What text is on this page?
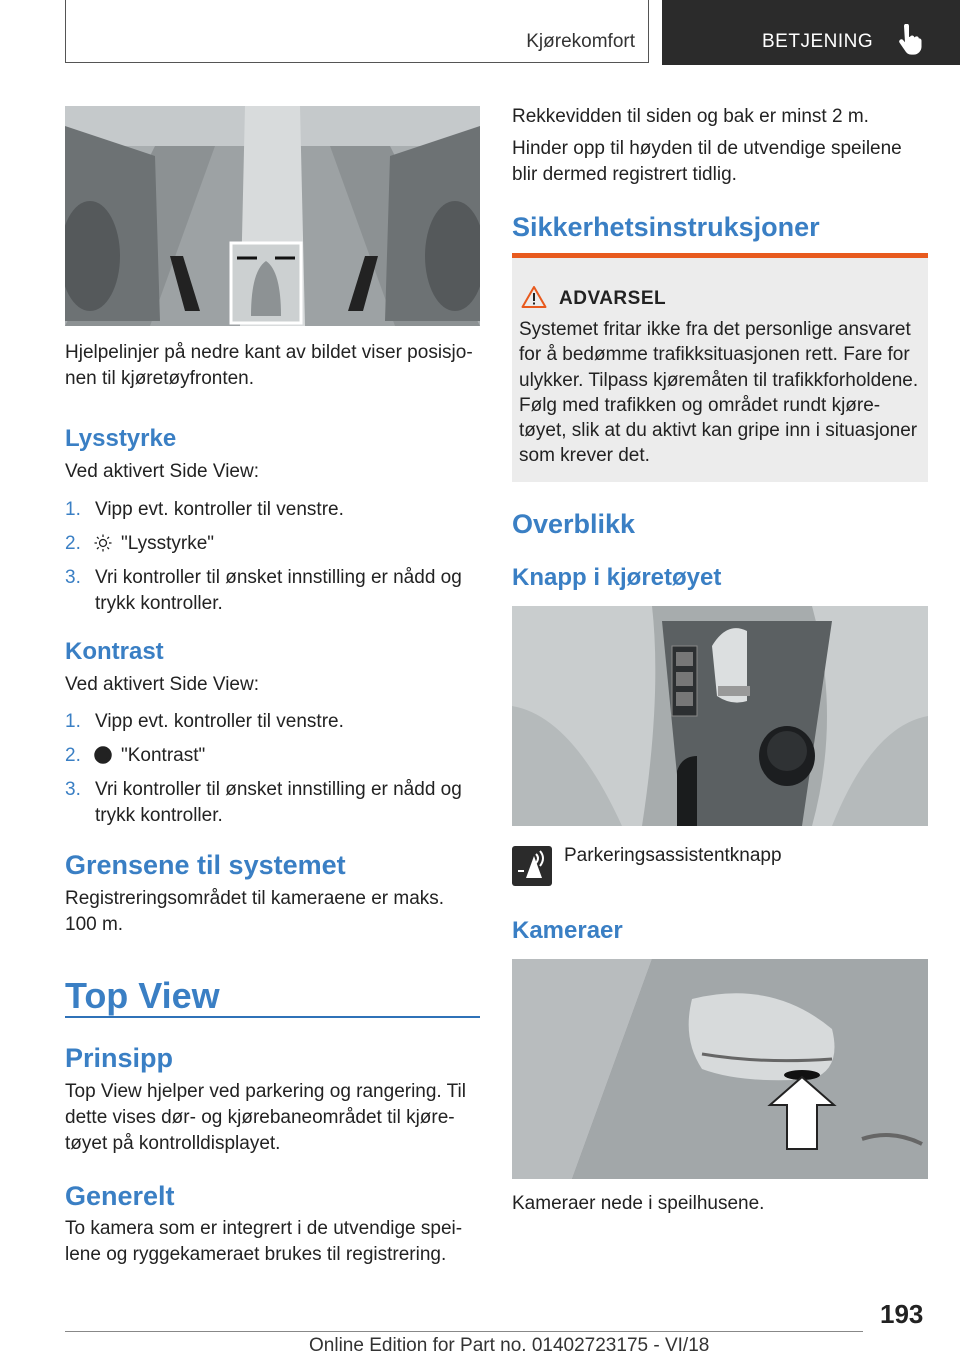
Kjørekomfort	BETJENING
Hjelpelinjer på nedre kant av bildet viser posisjo‐ nen til kjøretøyfronten.
Lysstyrke
Ved aktivert Side View:
1. Vipp evt. kontroller til venstre.
2. "Lysstyrke"
3. Vri kontroller til ønsket innstilling er nådd og trykk kontroller.
Kontrast
Ved aktivert Side View:
1. Vipp evt. kontroller til venstre.
2. "Kontrast"
3. Vri kontroller til ønsket innstilling er nådd og trykk kontroller.
Grensene til systemet
Registreringsområdet til kameraene er maks. 100 m.
Top View
Prinsipp
Top View hjelper ved parkering og rangering. Til dette vises dør- og kjørebaneområdet til kjøre‐ tøyet på kontrolldisplayet.
Generelt
To kamera som er integrert i de utvendige spei‐ lene og ryggekameraet brukes til registrering.
Rekkevidden til siden og bak er minst 2 m.
Hinder opp til høyden til de utvendige speilene blir dermed registrert tidlig.
Sikkerhetsinstruksjoner
ADVARSEL
Systemet fritar ikke fra det personlige ansvaret for å bedømme trafikksituasjonen rett. Fare for ulykker. Tilpass kjøremåten til trafikkforholdene. Følg med trafikken og området rundt kjøre‐ tøyet, slik at du aktivt kan gripe inn i situasjoner som krever det.
Overblikk
Knapp i kjøretøyet
Parkeringsassistentknapp
Kameraer
Kameraer nede i speilhusene.
193
Online Edition for Part no. 01402723175 - VI/18
